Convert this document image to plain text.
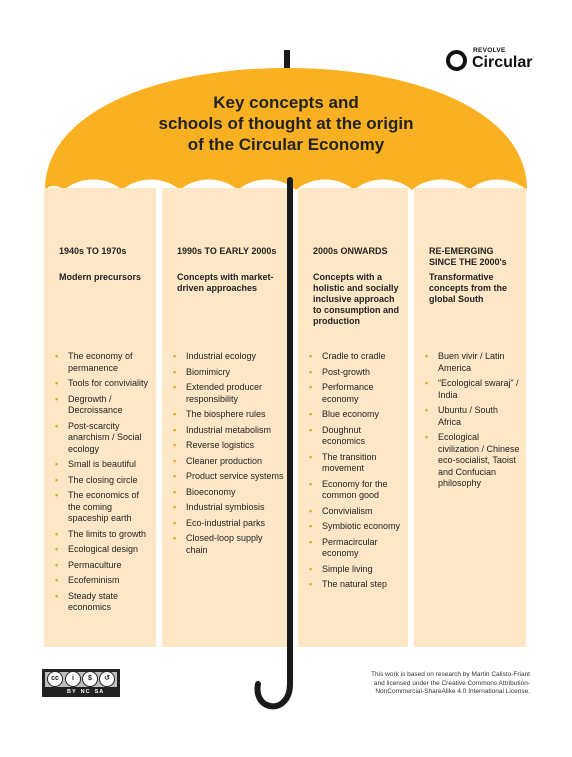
REVOLVE
Circular
Key concepts and
schools of thought at the origin
of the Circular Economy
1940s TO 1970s
Modern precursors
• The economy of permanence
• Tools for conviviality
• Degrowth / Decroissance
• Post-scarcity anarchism / Social ecology
• Small is beautiful
• The closing circle
• The economics of the coming spaceship earth
• The limits to growth
• Ecological design
• Permaculture
• Ecofeminism
• Steady state economics
1990s TO EARLY 2000s
Concepts with market-driven approaches
• Industrial ecology
• Biomimicry
• Extended producer responsibility
• The biosphere rules
• Industrial metabolism
• Reverse logistics
• Cleaner production
• Product service systems
• Bioeconomy
• Industrial symbiosis
• Eco-industrial parks
• Closed-loop supply chain
2000s ONWARDS
Concepts with a holistic and socially inclusive approach to consumption and production
• Cradle to cradle
• Post-growth
• Performance economy
• Blue economy
• Doughnut economics
• The transition movement
• Economy for the common good
• Convivialism
• Symbiotic economy
• Permacircular economy
• Simple living
• The natural step
RE-EMERGING SINCE THE 2000's
Transformative concepts from the global South
• Buen vivir / Latin America
• “Ecological swaraj” / India
• Ubuntu / South Africa
• Ecological civilization / Chinese eco-socialist, Taoist and Confucian philosophy
cc	i	$	↺
BY NC SA
This work is based on research by Martin Calisto-Friant
and licensed under the Creative Commons Attribution-
NonCommercial-ShareAlike 4.0 International License.
